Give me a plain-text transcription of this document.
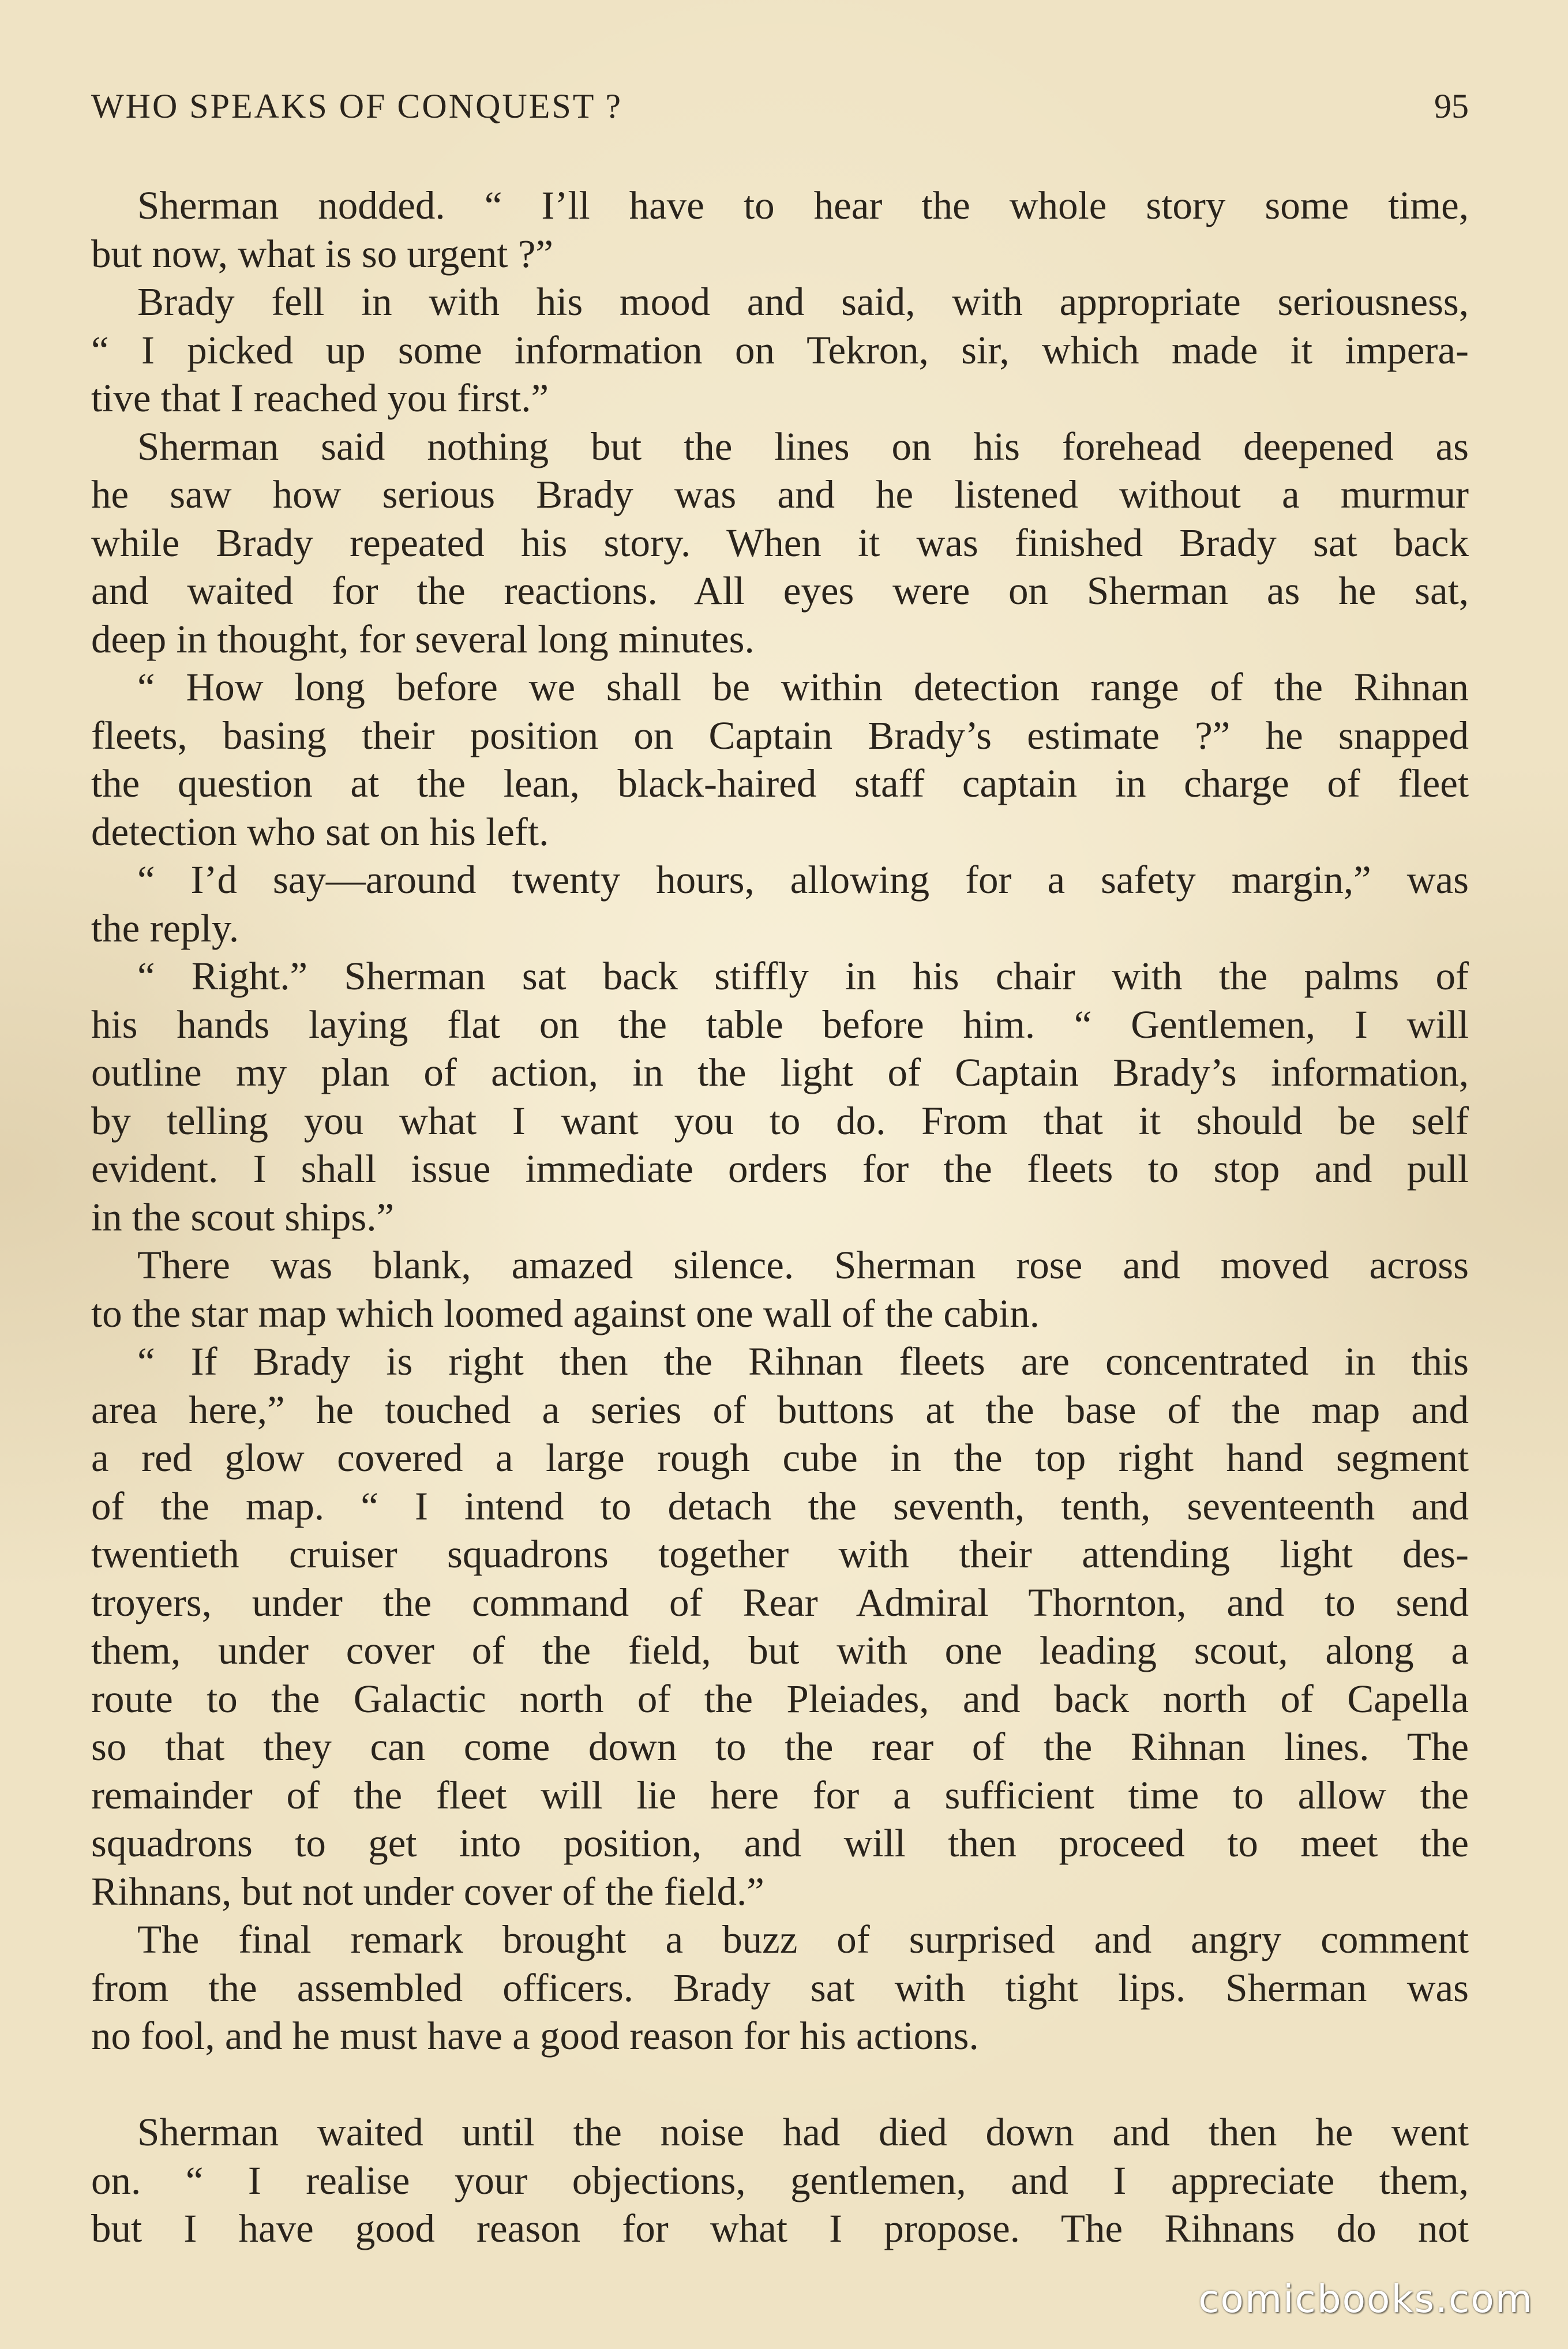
WHO SPEAKS OF CONQUEST ?	95
Sherman nodded. “ I’ll have to hear the whole story some time,
but now, what is so urgent ?”
Brady fell in with his mood and said, with appropriate seriousness,
“ I picked up some information on Tekron, sir, which made it impera-
tive that I reached you first.”
Sherman said nothing but the lines on his forehead deepened as
he saw how serious Brady was and he listened without a murmur
while Brady repeated his story. When it was finished Brady sat back
and waited for the reactions. All eyes were on Sherman as he sat,
deep in thought, for several long minutes.
“ How long before we shall be within detection range of the Rihnan
fleets, basing their position on Captain Brady’s estimate ?” he snapped
the question at the lean, black-haired staff captain in charge of fleet
detection who sat on his left.
“ I’d say—around twenty hours, allowing for a safety margin,” was
the reply.
“ Right.” Sherman sat back stiffly in his chair with the palms of
his hands laying flat on the table before him. “ Gentlemen, I will
outline my plan of action, in the light of Captain Brady’s information,
by telling you what I want you to do. From that it should be self
evident. I shall issue immediate orders for the fleets to stop and pull
in the scout ships.”
There was blank, amazed silence. Sherman rose and moved across
to the star map which loomed against one wall of the cabin.
“ If Brady is right then the Rihnan fleets are concentrated in this
area here,” he touched a series of buttons at the base of the map and
a red glow covered a large rough cube in the top right hand segment
of the map. “ I intend to detach the seventh, tenth, seventeenth and
twentieth cruiser squadrons together with their attending light des-
troyers, under the command of Rear Admiral Thornton, and to send
them, under cover of the field, but with one leading scout, along a
route to the Galactic north of the Pleiades, and back north of Capella
so that they can come down to the rear of the Rihnan lines. The
remainder of the fleet will lie here for a sufficient time to allow the
squadrons to get into position, and will then proceed to meet the
Rihnans, but not under cover of the field.”
The final remark brought a buzz of surprised and angry comment
from the assembled officers. Brady sat with tight lips. Sherman was
no fool, and he must have a good reason for his actions.
Sherman waited until the noise had died down and then he went
on. “ I realise your objections, gentlemen, and I appreciate them,
but I have good reason for what I propose. The Rihnans do not
comicbooks.com
